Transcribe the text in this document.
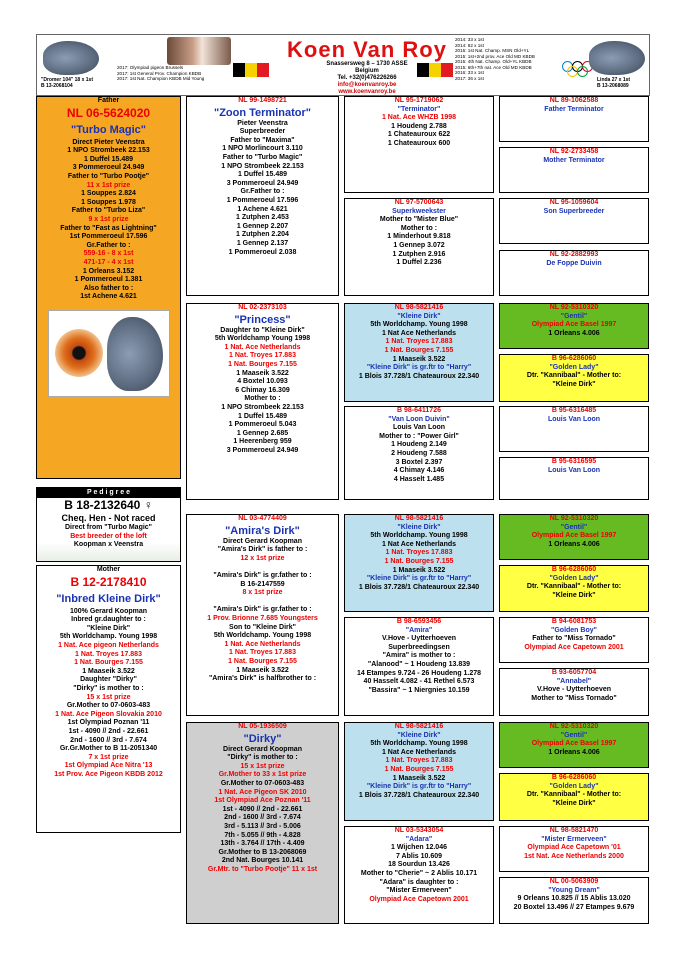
"Dromer 104" 18 x 1st
B 13-2068104
2017: Olympiad pigeon Brussels
2017: 1st General Prov. Champion KBDB
2017: 1st Nat. Champion KBDB Mid Young
Koen Van Roy
Snassersweg 8 – 1730 ASSE
Belgium
Tel. +32(0)476226266
info@koenvanroy.be
www.koenvanroy.be
2014: 33 x 1st
2014: 82 x 1st
2015: 1st Nat. Champ. MSN Old+YL
2015: 1st+2nd prov. Ace Old MD KBDB
2015: 4th Nat. Champ. Old+YL KBDB
2015: 6th+7th nat. Ace Old MD KBDB
2016: 33 x 1st
2017: 36 x 1st	Linda 27 x 1st
B 13-2068089
Father
NL 06-5624020
"Turbo Magic"
Direct Pieter Veenstra
1 NPO Strombeek 22.153
1 Duffel 15.489
3 Pommeroeul 24.949
Father to "Turbo Pootje"
11 x 1st prize
1 Souppes 2.824
1 Souppes 1.978
Father to "Turbo Liza"
9 x 1st prize
Father to "Fast as Lightning"
1st Pommeroeul 17.596
Gr.Father to :
559-16 - 8 x 1st
471-17 - 4 x 1st
1 Orleans 3.152
1 Pommeroeul 1.381
Also father to :
1st Achene 4.621
P e d i g r e e
B 18-2132640 ♀
Cheq. Hen - Not raced
Direct from "Turbo Magic"
Best breeder of the loft
Koopman x Veenstra
Mother
B 12-2178410
"Inbred Kleine Dirk"
100% Gerard Koopman
Inbred gr.daughter to :
"Kleine Dirk"
5th Worldchamp. Young 1998
1 Nat. Ace pigeon Netherlands
1 Nat. Troyes 17.883
1 Nat. Bourges 7.155
1 Maaseik 3.522
Daughter "Dirky"
"Dirky" is mother to :
15 x 1st prize
Gr.Mother to 07-0603-483
1 Nat. Ace Pigeon Slovakia 2010
1st Olympiad Poznan '11
1st - 4090 // 2nd - 22.661
2nd - 1600 // 3rd - 7.674
Gr.Gr.Mother to B 11-2051340
7 x 1st prize
1st Olympiad Ace Nitra '13
1st Prov. Ace Pigeon KBDB 2012
NL 99-1498721
"Zoon Terminator"
Pieter Veenstra
Superbreeder
Father to "Maxima"
1 NPO Morlincourt 3.110
Father to "Turbo Magic"
1 NPO Strombeek 22.153
1 Duffel 15.489
3 Pommeroeul 24.949
Gr.Father to :
1 Pommeroeul 17.596
1 Achene 4.621
1 Zutphen 2.453
1 Gennep 2.207
1 Zutphen 2.204
1 Gennep 2.137
1 Pommeroeul 2.038
NL 02-2373103
"Princess"
Daughter to "Kleine Dirk"
5th Worldchamp Young 1998
1 Nat. Ace Netherlands
1 Nat. Troyes 17.883
1 Nat. Bourges 7.155
1 Maaseik 3.522
4 Boxtel 10.093
6 Chimay 16.309
Mother to :
1 NPO Strombeek 22.153
1 Duffel 15.489
1 Pommeroeul 5.043
1 Gennep 2.685
1 Heerenberg 959
3 Pommeroeul 24.949
NL 03-4774409
"Amira's Dirk"
Direct Gerard Koopman
"Amira's Dirk" is father to :
12 x 1st prize

"Amira's Dirk" is gr.father to :
B 16-2147559
8 x 1st prize

"Amira's Dirk" is gr.father to :
1 Prov. Brionne 7.685 Youngsters
Son to "Kleine Dirk"
5th Worldchamp. Young 1998
1 Nat. Ace Netherlands
1 Nat. Troyes 17.883
1 Nat. Bourges 7.155
1 Maaseik 3.522
"Amira's Dirk" is halfbrother to :
NL 05-1936509
"Dirky"
Direct Gerard Koopman
"Dirky" is mother to :
15 x 1st prize
Gr.Mother to 33 x 1st prize
Gr.Mother to 07-0603-483
1 Nat. Ace Pigeon SK 2010
1st Olympiad Ace Poznan '11
1st - 4090 // 2nd - 22.661
2nd - 1600 // 3rd - 7.674
3rd - 5.113 // 3rd - 5.006
7th - 5.055 // 9th - 4.828
13th - 3.764 // 17th - 4.409
Gr.Mother to B 13-2068069
2nd Nat. Bourges 10.141
Gr.Mtr. to "Turbo Pootje" 11 x 1st
NL 95-1719062
"Terminator"
1 Nat. Ace WHZB 1998
1 Houdeng 2.788
1 Chateauroux 622
1 Chateauroux 600
NL 97-5700643
Superkweekster
Mother to "Mister Blue"
Mother to :
1 Minderhout 9.818
1 Gennep 3.072
1 Zutphen 2.916
1 Duffel 2.236
NL 98-5821416
"Kleine Dirk"
5th Worldchamp. Young 1998
1 Nat Ace Netherlands
1 Nat. Troyes 17.883
1 Nat. Bourges 7.155
1 Maaseik 3.522
"Kleine Dirk" is gr.ftr to "Harry"
1 Blois 37.728/1 Chateauroux 22.340
B 98-6411726
"Van Loon Duivin"
Louis Van Loon
Mother to : "Power Girl"
1 Houdeng 2.149
2 Houdeng 7.588
3 Boxtel 2.397
4 Chimay 4.146
4 Hasselt 1.485
NL 98-5821416
"Kleine Dirk"
5th Worldchamp. Young 1998
1 Nat Ace Netherlands
1 Nat. Troyes 17.883
1 Nat. Bourges 7.155
1 Maaseik 3.522
"Kleine Dirk" is gr.ftr to "Harry"
1 Blois 37.728/1 Chateauroux 22.340
B 98-6593456
"Amira"
V.Hove - Uytterhoeven
Superbreedingsen
"Amira" is mother to :
"Alanood" ~ 1 Houdeng 13.839
14 Etampes 9.724 - 26 Houdeng 1.278
40 Hasselt 4.082 - 41 Rethel 6.573
"Bassira" ~ 1 Niergnies 10.159
NL 98-5821416
"Kleine Dirk"
5th Worldchamp. Young 1998
1 Nat Ace Netherlands
1 Nat. Troyes 17.883
1 Nat. Bourges 7.155
1 Maaseik 3.522
"Kleine Dirk" is gr.ftr to "Harry"
1 Blois 37.728/1 Chateauroux 22.340
NL 03-5343054
"Adara"
1 Wijchen 12.046
7 Ablis 10.609
18 Sourdun 13.426
Mother to "Cherie" ~ 2 Ablis 10.171
"Adara" is daughter to :
"Mister Ermerveen"
Olympiad Ace Capetown 2001
NL 89-1062588
Father Terminator
NL 92-2733458
Mother Terminator
NL 95-1059604
Son Superbreeder
NL 92-2882993
De Foppe Duivin
NL 92-5310320
"Gentil"
Olympiad Ace Basel 1997
1 Orleans 4.006
B 96-6286060
"Golden Lady"
Dtr. "Kannibaal" - Mother to:
"Kleine Dirk"
B 95-6316485
Louis Van Loon
B 95-6316595
Louis Van Loon
NL 92-5310320
"Gentil"
Olympiad Ace Basel 1997
1 Orleans 4.006
B 96-6286060
"Golden Lady"
Dtr. "Kannibaal" - Mother to:
"Kleine Dirk"
B 94-6081753
"Golden Boy"
Father to "Miss Tornado"
Olympiad Ace Capetown 2001
B 93-6057704
"Annabel"
V.Hove - Uytterhoeven
Mother to "Miss Tornado"
NL 92-5310320
"Gentil"
Olympiad Ace Basel 1997
1 Orleans 4.006
B 96-6286060
"Golden Lady"
Dtr. "Kannibaal" - Mother to:
"Kleine Dirk"
NL 98-5821470
"Mister Ermerveen"
Olympiad Ace Capetown '01
1st Nat. Ace Netherlands 2000
NL 00-5063909
"Young Dream"
9 Orleans 10.825 // 15 Ablis 13.020
20 Boxtel 13.496 // 27 Etampes 9.679
